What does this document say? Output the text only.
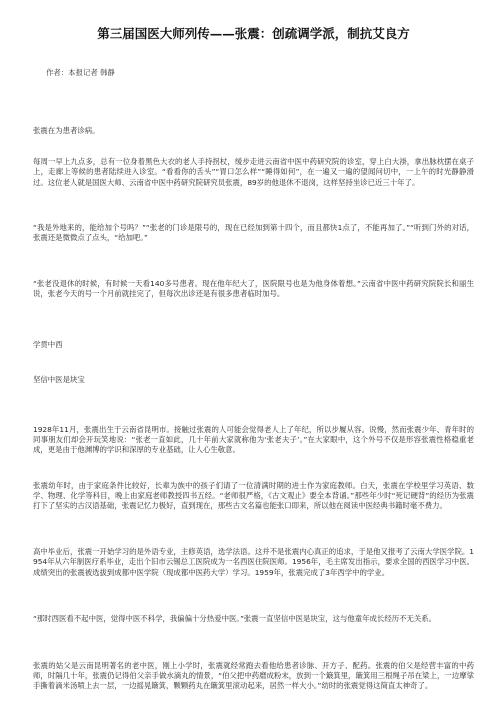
第三届国医大师列传——张震：创疏调学派，制抗艾良方

作者：本报记者 韩静

张震在为患者诊病。

每周一早上九点多，总有一位身着黑色大衣的老人手持拐杖，缓步走进云南省中医中药研究院的诊室，穿上白大褂，拿出脉枕摆在桌子上，走廊上等候的患者陆续进入诊室。“看看你的舌头”“胃口怎么样”“睡得如何”，在一遍又一遍的望闻问切中，一上午的时光静静滑过。这位老人就是国医大师、云南省中医中药研究院研究员张震，89岁的他退休不退岗，这样坚持坐诊已近三十年了。

“我是外地来的，能给加个号吗？”“张老的门诊是限号的，现在已经加到第十四个，而且都快1点了，不能再加了。”“听到门外的对话，张震还是微微点了点头，“给加吧。”

“张老没退休的时候，有时候一天看140多号患者。现在他年纪大了，医院限号也是为他身体着想。”云南省中医中药研究院院长和丽生说，张老今天的号一个月前就挂完了，但每次出诊还是有很多患者临时加号。

学贯中西

坚信中医是块宝

1928年11月，张震出生于云南省昆明市。接触过张震的人可能会觉得老人上了年纪，所以步履从容。说慢，然而张震少年、青年时的同事朋友们却会开玩笑地说：“张老一直如此，几十年前大家就称他为‘张老夫子’。”在大家眼中，这个外号不仅是形容张震性格稳重老成，更是由于他渊博的学识和深厚的专业基础，让人心生敬意。

张震幼年时，由于家庭条件比较好，长辈为族中的孩子们请了一位清满时期的进士作为家庭教师。白天，张震在学校里学习英语、数学、物理、化学等科目，晚上由家庭老师教授四书五经。“老师很严格，《古文观止》要全本背诵。”那些年少时“死记硬背”的经历为张震打下了坚实的古汉语基础，张震记忆力极好，直到现在，那些古文名篇也能张口即来，所以他在阅读中医经典书籍时毫不费力。

高中毕业后，张震一开始学习的是外语专业，主修英语，选学法语。这并不是张震内心真正的追求，于是他又报考了云南大学医学院。1954年从六年制医疗系毕业，走出个旧市云锡总工医院成为一名西医住院医师。1956年，毛主席发出指示，要求全国的西医学习中医。成绩突出的张震被选拔到成都中医学院（现成都中医药大学）学习。1959年，张震完成了3年西学中的学业。

“那时西医看不起中医，觉得中医不科学，我偏偏十分热爱中医。”张震一直坚信中医是块宝，这与他童年成长经历不无关系。

张震的姑父是云南昆明著名的老中医，刚上小学时，张震就经常跑去看他给患者诊脉、开方子、配药。张震的伯父是经营丰富的中药师，时隔几十年，张震仍记得伯父亲手做水滴丸的情景，“伯父把中药磨成粉末，放到一个簸箕里，簸箕用三根绳子吊在梁上，一边摩挲手撕着滴米汤喷上去一层，一边摇晃簸箕，颗颗药丸在簸箕里滚动起来，居然一样大小。”幼时的张震觉得这简直太神奇了。
